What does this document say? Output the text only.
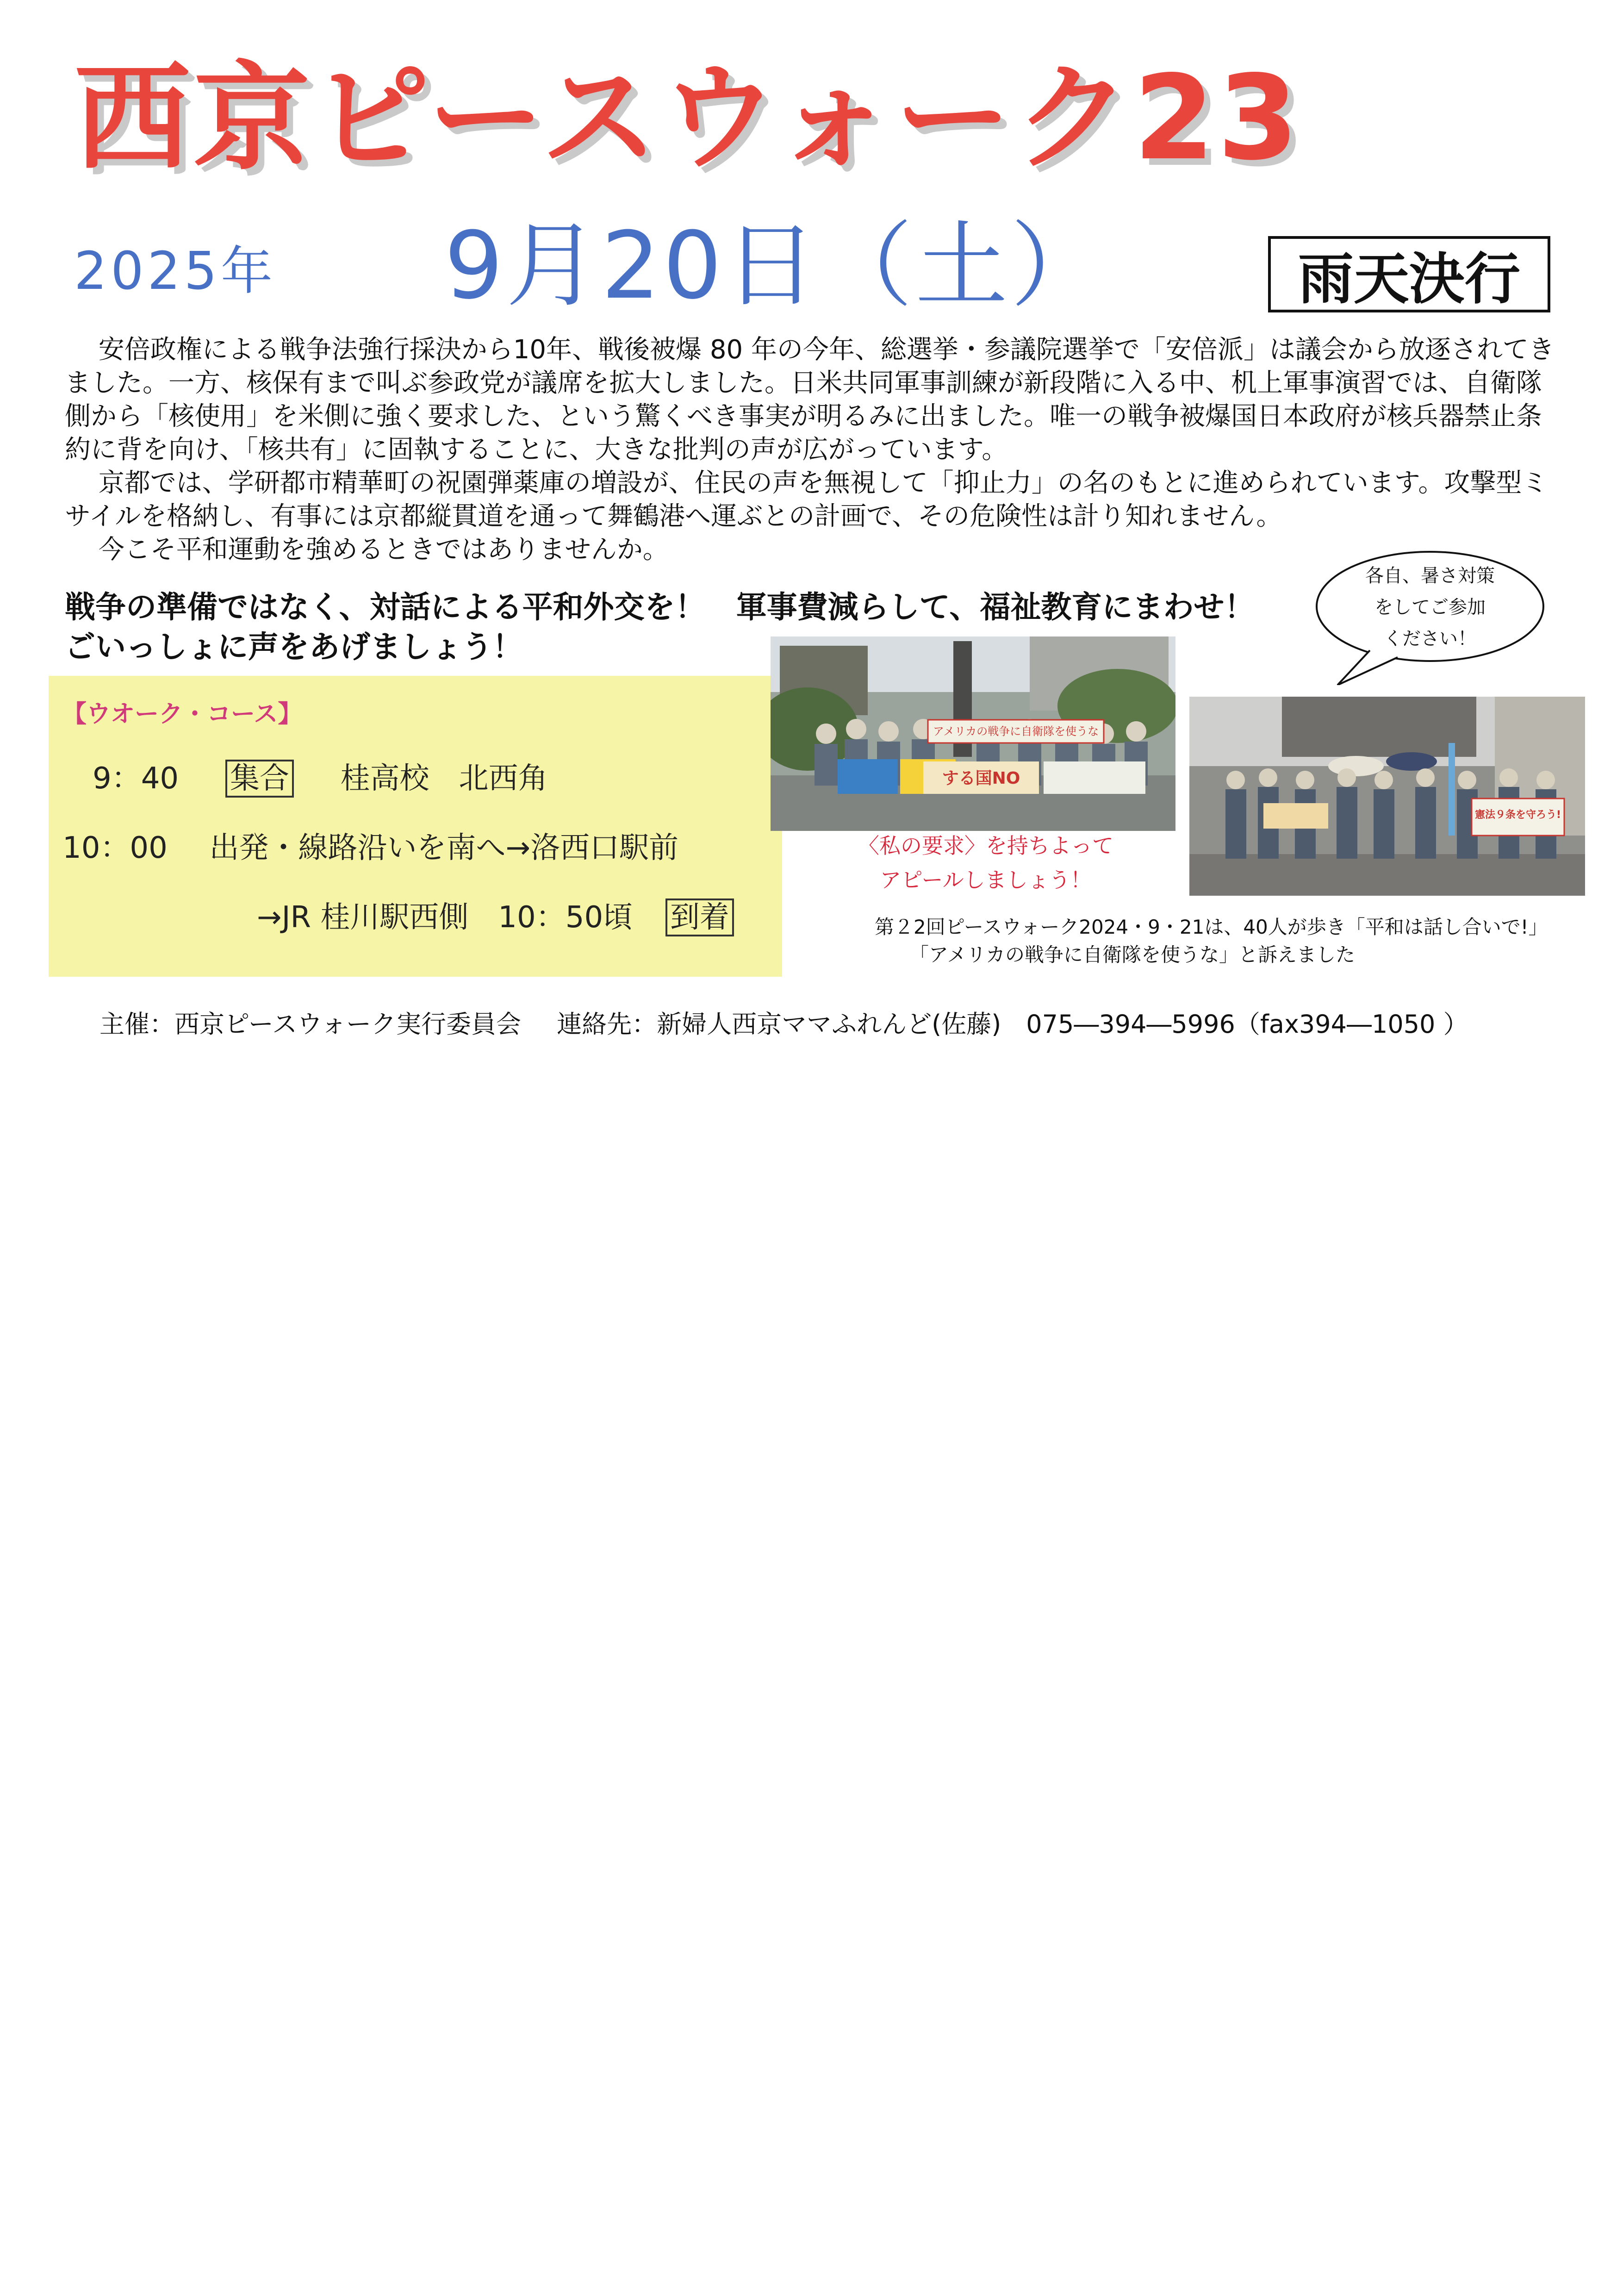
西京ピースウォーク23
2025年 9月20日（土）	雨天決行

安倍政権による戦争法強行採決から10年、戦後被爆 80 年の今年、総選挙・参議院選挙で「安倍派」は議会から放逐されてきました。一方、核保有まで叫ぶ参政党が議席を拡大しました。日米共同軍事訓練が新段階に入る中、机上軍事演習では、自衛隊側から「核使用」を米側に強く要求した、という驚くべき事実が明るみに出ました。唯一の戦争被爆国日本政府が核兵器禁止条約に背を向け、「核共有」に固執することに、大きな批判の声が広がっています。

京都では、学研都市精華町の祝園弾薬庫の増設が、住民の声を無視して「抑止力」の名のもとに進められています。攻撃型ミサイルを格納し、有事には京都縦貫道を通って舞鶴港へ運ぶとの計画で、その危険性は計り知れません。

今こそ平和運動を強めるときではありませんか。

戦争の準備ではなく、対話による平和外交を！　軍事費減らして、福祉教育にまわせ！
ごいっしょに声をあげましょう！
各自、暑さ対策
をしてご参加
ください！
【ウオーク・コース】
9：40 集合 桂高校　北西角
10：00 出発・線路沿いを南へ→洛西口駅前
→JR 桂川駅西側　10：50頃 到着
アメリカの戦争に自衛隊を使うな
する国NO
憲法９条を守ろう!
〈私の要求〉を持ちよって
アピールしましょう！
第２2回ピースウォーク2024・9・21は、40人が歩き「平和は話し合いで!」
「アメリカの戦争に自衛隊を使うな」と訴えました
主催：西京ピースウォーク実行委員会 連絡先：新婦人西京ママふれんど(佐藤)　075―394―5996（fax394―1050 ）
